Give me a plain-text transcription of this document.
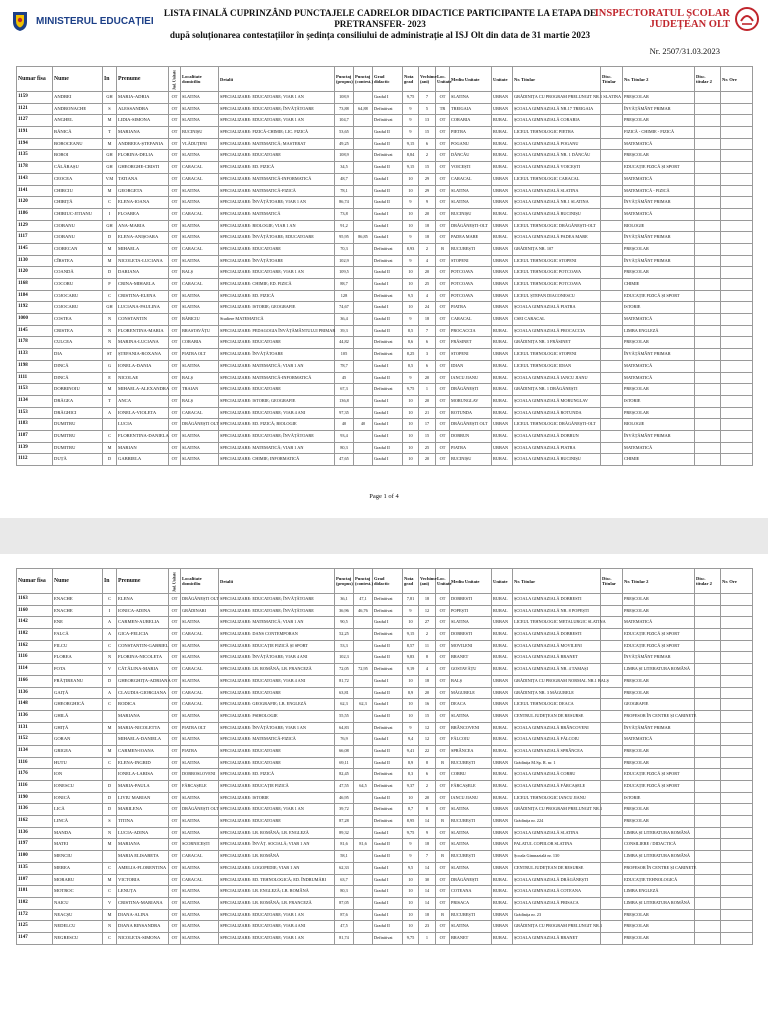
MINISTERUL EDUCAȚIEI
LISTA FINALĂ CUPRINZÂND PUNCTAJELE CADRELOR DIDACTICE PARTICIPANTE LA ETAPA DE PRETRANSFER- 2023
după soluționarea contestațiilor în ședința consiliului de administrație al ISJ Olt din data de 31 martie 2023
INSPECTORATUL ȘCOLAR
JUDEȚEAN OLT
Nr. 2507/31.03.2023
Numar fisa	Nume	In	Prenume	Jud. Unitate	Localitate domiciliu	Detalii	Punctaj (propus)	Punctaj (contest.)	Grad didactic	Nota grad	Vechime (ani)	Loc. Unitate	Mediu Unitate	Unitate	Nr. Titular	Disc. Titular	Nr. Titular 2	Disc. titular 2	Nr. Ore
1159	ANDREI	GH	MARIA-ADRIA	OT	SLATINA	SPECIALIZARE: EDUCATOARE; VIAB 1 AN	108,9		Gradul I	9,75	7	OT	SLATINA	URBAN	GRĂDINIȚA CU PROGRAM PRELUNGIT NR.1 SLATINA		PREȘCOLAR		
1121	ANDRONACHE	S	ALESSANDRA	OT	SLATINA	SPECIALIZARE: EDUCATOARE; ÎNVĂȚĂTOARE	73,88	64,88	Definitivat	9	5	TR	TREIGAIA	URBAN	ȘCOALA GIMNAZIALĂ NR.17 TREIGAIA		ÎNVĂȚĂMÂNT PRIMAR		
1127	ANGHEL	M	LIDIA-SIMONA	OT	SLATINA	SPECIALIZARE: EDUCATOARE; VIAB 1 AN	104,7		Definitivat	9	13	OT	CORABIA	RURAL	ȘCOALA GIMNAZIALĂ CORABIA		PREȘCOLAR		
1191	BĂNICĂ	T	MARIANA	OT	BUCINIȘU	SPECIALIZARE: FIZICĂ-CHIMIE; LIC. FIZICĂ	53,65		Gradul II	9	15	OT	PIETRA	RURAL	LICEUL TEHNOLOGIC PIETRA		FIZICĂ - CHIMIE - FIZICĂ		
1194	BOBOCEANU	M	ANDREEA-ȘTEFANIA	OT	VLĂDUȚENI	SPECIALIZARE: MATEMATICĂ; MASTERAT	49,25		Gradul II	9,15	6	OT	POGANU	RURAL	ȘCOALA GIMNAZIALĂ POGANU		MATEMATICĂ		
1135	BOBOI	GH	FLORINA-DELIA	OT	SLATINA	SPECIALIZARE: EDUCATOARE	108,9		Definitivat	8,84	2	OT	DĂNCĂU	RURAL	ȘCOALA GIMNAZIALĂ NR. 1 DĂNCĂU		PREȘCOLAR		
1178	CĂLĂRAȘU	GH	GHEORGHE-CRISTI	OT	CARACAL	SPECIALIZARE: ED. FIZICĂ	34,5		Gradul II	9,15	15	OT	VOICEȘTI	RURAL	ȘCOALA GIMNAZIALĂ VOICEȘTI		EDUCAȚIE FIZICĂ ȘI SPORT		
1143	CEOCEA	V.M	TATIANA	OT	CARACAL	SPECIALIZARE: MATEMATICĂ-INFORMATICĂ	48,7		Gradul I	10	29	OT	CARACAL	URBAN	LICEUL TEHNOLOGIC CARACAL		MATEMATICĂ		
1141	CHIRCIU	M	GEORGETA	OT	SLATINA	SPECIALIZARE: MATEMATICĂ-FIZICĂ	78,1		Gradul II	10	29	OT	SLATINA	URBAN	ȘCOALA GIMNAZIALĂ SLATINA		MATEMATICĂ - FIZICĂ		
1120	CHIRIȚĂ	C	ELENA-IOANA	OT	SLATINA	SPECIALIZARE: ÎNVĂȚĂTOARE; VIAB 1 AN	86,74		Gradul II	9	9	OT	SLATINA	URBAN	ȘCOALA GIMNAZIALĂ NR.1 SLATINA		ÎNVĂȚĂMÂNT PRIMAR		
1186	CHIRIUC-JITIANU	I	FLOAREA	OT	CARACAL	SPECIALIZARE: MATEMATICĂ	73,8		Gradul I	10	20	OT	BUCINIȘU	RURAL	ȘCOALA GIMNAZIALĂ BUCINIȘU		MATEMATICĂ		
1129	CIOBANU	GH	ANA-MARIA	OT	SLATINA	SPECIALIZARE: BIOLOGIE; VIAB 1 AN	91,2		Gradul I	10	18	OT	DRĂGĂNEȘTI-OLT	URBAN	LICEUL TEHNOLOGIC DRĂGĂNEȘTI-OLT		BIOLOGIE		
1117	CIOBANU	D	ELENA-ANIȘOARA	OT	SLATINA	SPECIALIZARE: ÎNVĂȚĂTOARE; EDUCATOARE	95,95	86,85	Gradul I	9	18	OT	PADEA MARE	RURAL	ȘCOALA GIMNAZIALĂ PADEA MARE		ÎNVĂȚĂMÂNT PRIMAR		
1145	CIORECAN	M	MIHAELA	OT	CARACAL	SPECIALIZARE: EDUCATOARE	70,3		Definitivat	8,93	2	B	BUCUREȘTI	URBAN	GRĂDINIȚA NR. 107		PREȘCOLAR		
1130	CÎRSTEA	M	NICOLETA-LUCIANA	OT	SLATINA	SPECIALIZARE: ÎNVĂȚĂTOARE	102,9		Definitivat	9	4	OT	STOPENI	URBAN	LICEUL TEHNOLOGIC STOPENI		ÎNVĂȚĂMÂNT PRIMAR		
1120	COANDĂ	D	DARIANA	OT	BALȘ	SPECIALIZARE: EDUCATOARE; VIAB 1 AN	109,5		Gradul II	10	20	OT	POTCOAVA	URBAN	LICEUL TEHNOLOGIC POTCOAVA		PREȘCOLAR		
1168	COCORU	P	CRINA-MIHAELA	OT	CARACAL	SPECIALIZARE: CHIMIE; ED. FIZICĂ	88,7		Gradul I	10	25	OT	POTCOAVA	URBAN	LICEUL TEHNOLOGIC POTCOAVA		CHIMIE		
1184	COJOCARU	C	CRISTINA-ELENA	OT	SLATINA	SPECIALIZARE: ED. FIZICĂ	128		Definitivat	9,5	4	OT	POTCOAVA	URBAN	LICEUL ȘTEFAN DIACONESCU		EDUCAȚIE FIZICĂ ȘI SPORT		
1192	COJOCARU	GH	LUCIANA-PAULINA	OT	SLATINA	SPECIALIZARE: ISTORIE; GEOGRAFIE	74,67		Gradul I	10	24	OT	PIATRA	URBAN	ȘCOALA GIMNAZIALĂ PIATRA		ISTORIE		
1000	COSTEA	N	CONSTANTIN	OT	BĂBICIU	Studiere MATEMATICĂ	36,4		Gradul II	9	18	OT	CARACAL	URBAN	CSEI CARACAL		MATEMATICĂ		
1145	CRISTEA	N	FLORENTINA-MARIA	OT	BRASTAVĂȚU	SPECIALIZARE: PEDAGOGIA ÎNVĂȚĂMÂNTULUI PRIMAR	39,3		Gradul II	8,5	7	OT	PROCACCIA	RURAL	ȘCOALA GIMNAZIALĂ PROCACCIA		LIMBA ENGLEZĂ		
1178	CULCEA	N	MARINA-LUCIANA	OT	CORABIA	SPECIALIZARE: EDUCATOARE	44,82		Definitivat	8,6	6	OT	FRĂSINET	RURAL	GRĂDINIȚA NR. 3 FRĂSINET		PREȘCOLAR		
1133	DIA	ST	ȘTEFANIA-ROXANA	OT	PIATRA OLT	SPECIALIZARE: ÎNVĂȚĂTOARE	105		Definitivat	8,25	3	OT	STOPENI	URBAN	LICEUL TEHNOLOGIC STOPENI		ÎNVĂȚĂMÂNT PRIMAR		
1198	DINCĂ	G	IONELA-DANIA	OT	SLATINA	SPECIALIZARE: MATEMATICĂ; VIAB 1 AN	78,7		Gradul I	8,5	6	OT	IDIAN	RURAL	LICEUL TEHNOLOGIC IDIAN		MATEMATICĂ		
1111	DINCĂ	E	NICOLAE	OT	BALȘ	SPECIALIZARE: MATEMATICĂ-INFORMATICĂ	45		Gradul II	9	20	OT	IANCU JIANU	RURAL	ȘCOALA GIMNAZIALĂ IANCU JIANU		MATEMATICĂ		
1153	DOBRINOIU	M	MIHAELA-ALEXANDRA	OT	TRAIAN	SPECIALIZARE: EDUCATOARE	67,3		Definitivat	9,75	1	OT	DRĂGĂNEȘTI	RURAL	GRĂDINIȚA NR. 1 DRĂGĂNEȘTI		PREȘCOLAR		
1134	DRĂGEA	T	ANCA	OT	BALȘ	SPECIALIZARE: ISTORIE; GEOGRAFIE	136,8		Gradul I	10	20	OT	MORUNGLAV	RURAL	ȘCOALA GIMNAZIALĂ MORUNGLAV		ISTORIE		
1153	DRĂGHICI	A	IONELA-VIOLETA	OT	CARACAL	SPECIALIZARE: EDUCATOARE; VIAB 4 ANI	97,35		Gradul I	10	21	OT	ROTUNDA	RURAL	ȘCOALA GIMNAZIALĂ ROTUNDA		PREȘCOLAR		
1183	DUMITRU		LUCIA	OT	DRĂGĂNEȘTI OLT	SPECIALIZARE: ED. FIZICĂ; BIOLOGIE	40	40	Gradul I	10	17	OT	DRĂGĂNEȘTI OLT	URBAN	LICEUL TEHNOLOGIC DRĂGĂNEȘTI-OLT		BIOLOGIE		
1187	DUMITRU	C	FLORENTINA-DANIELA	OT	SLATINA	SPECIALIZARE: EDUCATOARE; ÎNVĂȚĂTOARE	93,4		Gradul I	10	15	OT	DOBRUN	RURAL	ȘCOALA GIMNAZIALĂ DOBRUN		ÎNVĂȚĂMÂNT PRIMAR		
1139	DUMITRU	M	MARIAN	OT	SLATINA	SPECIALIZARE: MATEMATICĂ; VIAB 1 AN	80,3		Gradul II	10	25	OT	PIATRA	URBAN	ȘCOALA GIMNAZIALĂ PIATRA		MATEMATICĂ		
1112	DUȚĂ	D	GABRIELA	OT	SLATINA	SPECIALIZARE: CHIMIE; INFORMATICĂ	47,65		Gradul I	10	20	OT	BUCINIȘU	RURAL	ȘCOALA GIMNAZIALĂ BUCINIȘU		CHIMIE		
Page 1 of 4
Numar fisa	Nume	In	Prenume	Jud. Unitate	Localitate domiciliu	Detalii	Punctaj (propus)	Punctaj (contest.)	Grad didactic	Nota grad	Vechime (ani)	Loc. Unitate	Mediu Unitate	Unitate	Nr. Titular	Disc. Titular	Nr. Titular 2	Disc. titular 2	Nr. Ore
1163	ENACHE	C	ELENA	OT	DRĂGĂNEȘTI OLT	SPECIALIZARE: EDUCATOARE; ÎNVĂȚĂTOARE	36,1	47,1	Definitivat	7,81	18	OT	DOBRESTI	RURAL	ȘCOALA GIMNAZIALĂ DOBRESTI		PREȘCOLAR		
1160	ENACHE	I	IONICA-ADINA	OT	GRĂDINARI	SPECIALIZARE: EDUCATOARE; ÎNVĂȚĂTOARE	36,96	46,76	Definitivat	9	12	OT	POPEȘTI	RURAL	ȘCOALA GIMNAZIALĂ NR. 8 POPEȘTI		PREȘCOLAR		
1142	ENE	A	CARMEN-AURELIA	OT	SLATINA	SPECIALIZARE: MATEMATICĂ; VIAB 1 AN	90,5		Gradul I	10	27	OT	SLATINA	URBAN	LICEUL TEHNOLOGIC METALURGIC SLATINA		MATEMATICĂ		
1102	FALCĂ	A	GICA-FELICIA	OT	CARACAL	SPECIALIZARE: DANS CONTEMPORAN	52,25		Definitivat	9,15	2	OT	DOBRESTI	RURAL	ȘCOALA GIMNAZIALĂ DOBRESTI		EDUCAȚIE FIZICĂ ȘI SPORT		
1162	FILCU	C	CONSTANTIN-GABRIEL	OT	SLATINA	SPECIALIZARE: EDUCAȚIE FIZICĂ ȘI SPORT	53,3		Gradul II	8,57	11	OT	MOVILENI	RURAL	ȘCOALA GIMNAZIALĂ MOVILENI		EDUCAȚIE FIZICĂ ȘI SPORT		
1116	FLOREA	N	FLORINA-NICOLETA	OT	SLATINA	SPECIALIZARE: ÎNVĂȚĂTOARE; VIAB 4 ANI	102,3		Gradul II	9,83	8	OT	BRANET	RURAL	ȘCOALA GIMNAZIALĂ BRANET		ÎNVĂȚĂMÂNT PRIMAR		
1114	FOTA	V	CĂTĂLINA-MARIA	OT	CARACAL	SPECIALIZARE: LB. ROMÂNĂ; LB. FRANCEZĂ	72,05	72,95	Definitivat	9,19	4	OT	GOSTAVĂȚU	RURAL	ȘCOALA GIMNAZIALĂ NR. 4 TAMAȘI		LIMBA ȘI LITERATURA ROMÂNĂ		
1166	FRĂȚIREANU	D	GHEORGHIȚA-ADRIANA	OT	SLATINA	SPECIALIZARE: EDUCATOARE; VIAB 4 ANI	81,72		Gradul I	10	18	OT	BALȘ	URBAN	GRĂDINIȚA CU PROGRAM NORMAL NR.1 BALȘ		PREȘCOLAR		
1136	GAIȚĂ	A	CLAUDIA-GIORGIANA	OT	CARACAL	SPECIALIZARE: EDUCATOARE	63,81		Gradul II	8,9	20	OT	MĂGURELE	URBAN	GRĂDINIȚA NR. 3 MĂGURELE		PREȘCOLAR		
1148	GHEORGHICĂ	C	RODICA	OT	CARACAL	SPECIALIZARE: GEOGRAFIE; LB. ENGLEZĂ	62,3	62,3	Gradul I	10	16	OT	DEACA	URBAN	LICEUL TEHNOLOGIC DEACA		GEOGRAFIE		
1136	GHILĂ		MARIANA	OT	SLATINA	SPECIALIZARE: PSIHOLOGIE	55,55		Gradul II	10	15	OT	SLATINA	URBAN	CENTRUL JUDEȚEAN DE RESURSE		PROFESOR ÎN CENTRE ȘI CABINETE		
1131	GHIȚĂ	M	MARIA-NICOLETTA	OT	PIATRA OLT	SPECIALIZARE: ÎNVĂȚĂTOARE; VIAB 1 AN	64,83		Definitivat	9	12	OT	BRÂNCOVENI	RURAL	ȘCOALA GIMNAZIALĂ BRÂNCOVENI		ÎNVĂȚĂMÂNT PRIMAR		
1152	GORAN		MIHAELA-DANIELA	OT	SLATINA	SPECIALIZARE: MATEMATICĂ-FIZICĂ	76,9		Gradul I	9,4	12	OT	FĂLCOIU	RURAL	ȘCOALA GIMNAZIALĂ FĂLCOIU		MATEMATICĂ		
1134	GRIGEA	M	CARMEN-IOANA	OT	PIATRA	SPECIALIZARE: EDUCATOARE	66,08		Gradul II	9,41	22	OT	SPRÂNCEA	RURAL	ȘCOALA GIMNAZIALĂ SPRÂNCEA		PREȘCOLAR		
1116	HUTU	C	ELENA-INGRID	OT	SLATINA	SPECIALIZARE: EDUCATOARE	69,11		Gradul II	8,9	8	B	BUCUREȘTI	URBAN	Grădinița M.Sp. R. nr. 1		PREȘCOLAR		
1176	ION		IONELA-LARISA	OT	DOBROSLOVENI	SPECIALIZARE: ED. FIZICĂ	82,45		Definitivat	8,3	6	OT	CORBU	RURAL	ȘCOALA GIMNAZIALĂ CORBU		EDUCAȚIE FIZICĂ ȘI SPORT		
1116	IONESCU	D	MARIA-PAULA	OT	FĂRCAȘELE	SPECIALIZARE: EDUCAȚIE FIZICĂ	47,55	64,5	Definitivat	9,37	2	OT	FĂRCAȘELE	RURAL	ȘCOALA GIMNAZIALĂ FĂRCAȘELE		EDUCAȚIE FIZICĂ ȘI SPORT		
1190	IONICĂ	D	LIVIU MARIAN	OT	SLATINA	SPECIALIZARE: ISTORIE	46,95		Gradul II	10	20	OT	IANCU JIANU	RURAL	LICEUL TEHNOLOGIC IANCU JIANU		ISTORIE		
1136	LICĂ	D	MARILENA	OT	DRĂGĂNEȘTI OLT	SPECIALIZARE: EDUCATOARE; VIAB 1 AN	39,72		Definitivat	8,7	8	OT	SLATINA	URBAN	GRĂDINIȚA CU PROGRAM PRELUNGIT NR.1		PREȘCOLAR		
1162	LINCĂ	S	TITINA	OT	SLATINA	SPECIALIZARE: EDUCATOARE	87,28		Definitivat	8,95	14	B	BUCUREȘTI	URBAN	Grădinița nr. 224		PREȘCOLAR		
1136	MANDA	N	LUCIA-ADINA	OT	SLATINA	SPECIALIZARE: LB. ROMÂNĂ; LB. ENGLEZĂ	89,32		Gradul I	9,75	9	OT	SLATINA	URBAN	ȘCOALA GIMNAZIALĂ SLATINA		LIMBA ȘI LITERATURA ROMÂNĂ		
1197	MATEI	M	MARIANA	OT	SCORNICEȘTI	SPECIALIZARE: ÎNVĂȚ. SOCIALĂ; VIAB 1 AN	81,6	81,6	Gradul II	9	18	OT	SLATINA	URBAN	PALATUL COPIILOR SLATINA		CONSILIERE / DIDACTICĂ		
1100	MENCIU		MARIA ELISABETA	OT	CARACAL	SPECIALIZARE: LB. ROMÂNĂ	58,1		Gradul II	9	7	B	BUCUREȘTI	URBAN	Școala Gimnazială nr. 130		LIMBA ȘI LITERATURA ROMÂNĂ		
1135	MEREA	C	AMELIA-FLORENTINA	OT	SLATINA	SPECIALIZARE: LOGOPEDIE; VIAB 1 AN	62,33		Gradul I	9,5	14	OT	SLATINA	URBAN	CENTRUL JUDEȚEAN DE RESURSE		PROFESOR ÎN CENTRE ȘI CABINETE		
1107	MORARU	M	VICTORIA	OT	CARACAL	SPECIALIZARE: ED. TEHNOLOGICĂ; ED. ÎNDRUMĂRI	63,7		Gradul I	10	30	OT	DRĂGĂNEȘTI	RURAL	ȘCOALA GIMNAZIALĂ DRĂGĂNEȘTI		EDUCAȚIE TEHNOLOGICĂ		
1101	MOTROC	C	LENUȚA	OT	SLATINA	SPECIALIZARE: LB. ENGLEZĂ; LB. ROMÂNĂ	80,3		Gradul I	10	14	OT	COTEANA	RURAL	ȘCOALA GIMNAZIALĂ COTEANA		LIMBA ENGLEZĂ		
1102	NAICU	V	CRISTINA-MARIANA	OT	SLATINA	SPECIALIZARE: LB. ROMÂNĂ; LB. FRANCEZĂ	87,05		Gradul I	10	14	OT	PRISACA	RURAL	ȘCOALA GIMNAZIALĂ PRISACA		LIMBA ȘI LITERATURA ROMÂNĂ		
1172	NEACȘU	M	DIANA-ALINA	OT	SLATINA	SPECIALIZARE: EDUCATOARE; VIAB 1 AN	87,6		Gradul I	10	18	B	BUCUREȘTI	URBAN	Grădinița nr. 23		PREȘCOLAR		
1125	NEDELCU	N	DIANA RINSANDRA	OT	SLATINA	SPECIALIZARE: EDUCATOARE; VIAB 4 ANI	47,5		Gradul II	10	23	OT	SLATINA	URBAN	GRĂDINIȚA CU PROGRAM PRELUNGIT NR.1		PREȘCOLAR		
1147	NEGRESCU	C	NICOLETA-SIMONA	OT	SLATINA	SPECIALIZARE: EDUCATOARE; VIAB 1 AN	81,74		Definitivat	9,75	1	OT	BRANET	RURAL	ȘCOALA GIMNAZIALĂ BRANET		PREȘCOLAR		
